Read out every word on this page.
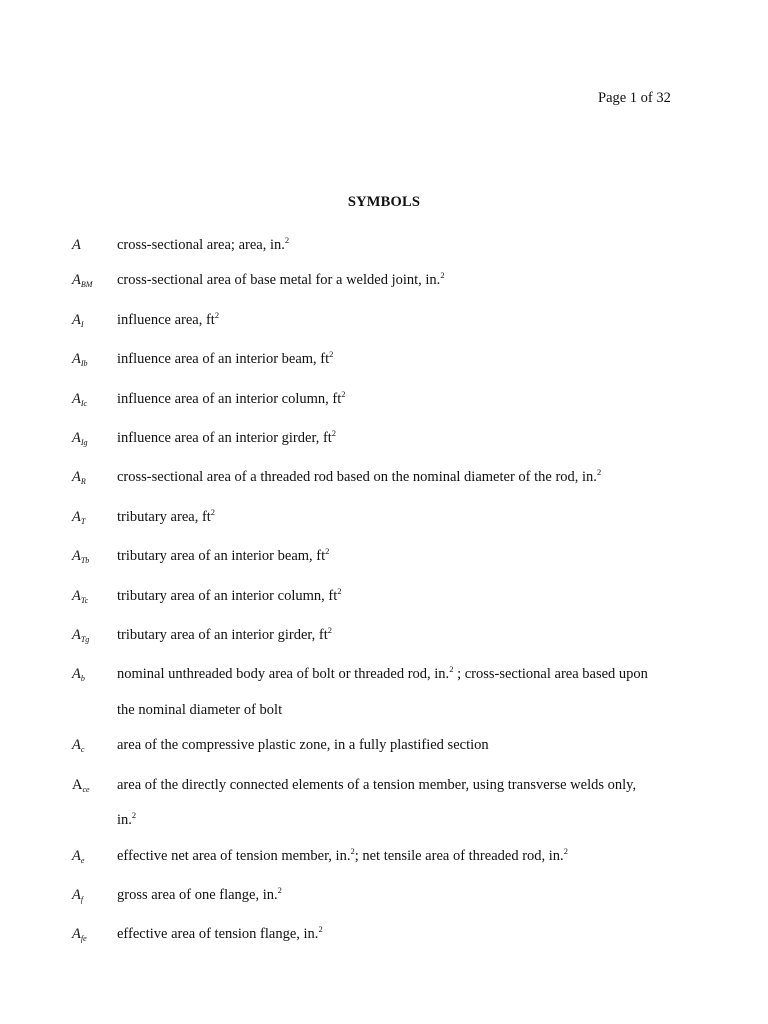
Page 1 of 32
SYMBOLS
A	cross-sectional area; area, in.$^2$
$A_{BM}$	cross-sectional area of base metal for a welded joint, in.$^2$
$A_I$	influence area, $ft^2$
$A_{Ib}$	influence area of an interior beam, $ft^2$
$A_{Ic}$	influence area of an interior column, $ft^2$
$A_{Ig}$	influence area of an interior girder, $ft^2$
$A_R$	cross-sectional area of a threaded rod based on the nominal diameter of the rod, in.$^2$
$A_T$	tributary area, $ft^2$
$A_{Tb}$	tributary area of an interior beam, $ft^2$
$A_{Tc}$	tributary area of an interior column, $ft^2$
$A_{Tg}$	tributary area of an interior girder, $ft^2$
$A_b$	nominal unthreaded body area of bolt or threaded rod, in.$^2$ ; cross-sectional area based upon
the nominal diameter of bolt
$A_c$	area of the compressive plastic zone, in a fully plastified section
$A_{ce}$	area of the directly connected elements of a tension member, using transverse welds only,
in.$^2$
$A_e$	effective net area of tension member, in.$^2$; net tensile area of threaded rod, in.$^2$
$A_f$	gross area of one flange, in.$^2$
$A_{fe}$	effective area of tension flange, in.$^2$
